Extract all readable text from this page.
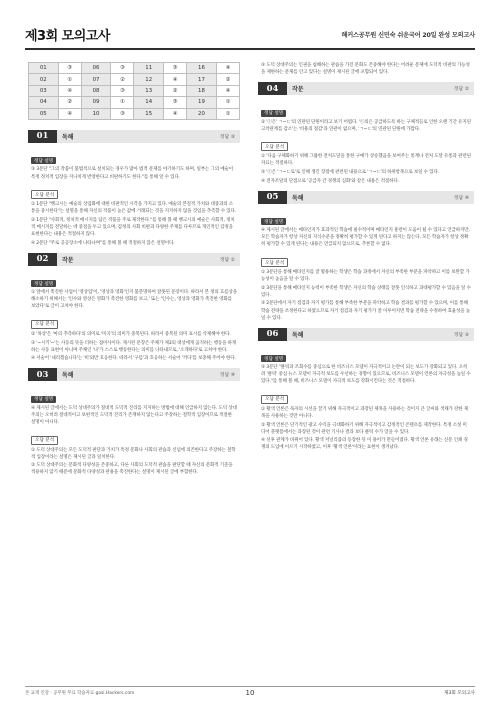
제3회 모의고사	해커스공무원 신민숙 쉬운국어 20일 완성 모의고사
01	③	06	③	11	③	16	④
02	①	07	②	12	④	17	②
03	④	08	③	13	②	18	④
04	②	09	①	14	③	19	①
05	④	10	③	15	④	20	①
01	독해	정답 ③
정답 설명
③ 3문단 "그의 작품이 불법적으로 설치되는 경우가 많아 법적 문제를 야기하기도 하며, 일부는 그의 예술이 특정 정치적 입장을 지나치게 반영한다고 비판하기도 한다."를 통해 알 수 있다.
오답 분석
① 1문단 "뱅크시는 예술의 상업화에 대한 비판적인 시각을 가지고 있다. 예술의 본질적 가치와 대중과의 소통을 중시한다"는 설명을 통해 자신의 작품이 높은 값에 거래되는 것을 지지하지 않을 것임을 추측할 수 있다.
② 1문단 "사회적, 정치적 메시지를 담은 작품을 주로 제작한다."를 통해 볼 때 뱅크시의 예술은 사회적, 정치적 메시지를 전달하는 데 중점을 두고 있으며, 감정의 사회 비판과 다양한 주제를 다루므로 개인적인 감정을 표현한다는 내용은 적절하지 않다.
④ 2문단 "주로 공공장소에 나타나며"를 통해 볼 때 적절하지 않은 설명이다.
02	작문	정답 ①
정답 설명
① 앞에서 촉진한 사업이 '영상업'이, '영상과 영화'인지 불분명하여 잘못된 문장이다. 따라서 본 정의 흐름상을 해소하기 위해서는 '인수와 영상은 영화가 촉진한 영화를 보고,' 또는 '인수는, 영상과 영화가 촉진한 영화를 보았다'로 글이 고쳐야 한다.
오답 분석
② '목상'은 '마의 추측하다'의 의미로 '미곡'의 의미가 중복된다. 따라서 중복된 의미 표시를 삭제해야 한다.
③ '~시키'~'는 사동의 뜻을 더하는 접미사이다. 제시된 문장은 주체가 제3의 대상에게 움직하는 행동을 하게 하는 사동 표현이 아니며 주체인 '나'가 스스로 행동한다는 의미를 나타내므로, '소개하다'로 고쳐야 한다.
④ 서술어 '내리겠습니다'는 '비'와만 호응한다. 따라서 '구름'과 호응하는 서술어 '끼다'를 보충해 주어야 한다.
03	독해	정답 ④
정답 설명
④ 제시된 글에서는 도덕 상대주의가 절대적 도덕적 진리를 지지하는 방법에 대해 언급하지 않는다. 도덕 상대주의는 오히려 절대적이고 보편적인 도덕적 진리가 존재하지 않는다고 주장하는 철학적 입장이므로 적절한 설명이 아니다.
오답 분석
① 도덕 상대주의는 모든 도덕적 판단과 가치가 특정 문화나 사회의 관습과 신념에 의존한다고 주장하는 철학적 입장이라는 설명은 제시된 글과 일치한다.
② 도덕 상대주의는 문화적 다양성을 존중하고, 다른 사회의 도덕적 관습을 판단할 때 자신의 문화적 기준을 적용하지 않기 때문에 문화적 다양성과 관용을 촉진한다는 설명이 제시된 글에 부합한다.
③ 도덕 상대주의는 인권을 침해하는 관습을 가진 문화도 존중해야 한다는 어려운 문제에 도덕적 비판의 가능성을 제한하는 문제를 안고 있다는 설명이 제시된 글에 포함되어 있다.
04	작문	정답 ②
정답 설명
② 'ⓒ은' ㄱ~ㄷ'의 연관된 단원이라고 보기 어렵다. 'ⓒ의은 공급하도록 하는 구체적들로 인한 오랜 기간 유지된 고착관계를 감소'는 '비용의 절감'과 연관이 없으며, 'ㄱ~ㄷ'의 연관된 단원에 가깝다.
오답 분석
① '다음 구체화하기 위해 그룹한 전처도달을 통한 구매가 상승했음을 보여주는 통계나 전처 도달 유통과 관련된 자료는 적절하다.
③ 'ⓒ은 'ㄱ~ㄷ로'로 인해 생긴 장점에 관련된 내용으로 'ㄱ~ㄷ'의 하위항목으로 보일 수 있다.
④ 전자조달의 단점으로 '공급자 간 경쟁의 심화'와 같은 내용은 적절하다.
05	독해	정답 ④
정답 설명
④ 제시된 글에서는 메타인지가 효과적인 학습에 필수적이며 메타인지 훈련이 도움이 될 수 있다고 언급하지만, 모든 학습자가 항상 자신의 지식수준을 정확히 평가할 수 있게 된다고 하지는 않는다. 모든 학습자가 항상 정확히 평가할 수 있게 된다는 내용은 언급되지 않으므로, 추론할 수 없다.
오답 분석
① 3문단을 통해 메타인지를 잘 활용하는 학생은 학습 과정에서 자신의 부족한 부분을 파악하고 이를 보완할 가능성이 높음을 알 수 있다.
② 3문단을 통해 메타인지 능력이 부족한 학생은 자신의 학습 상태를 잘못 인식하고 과대평가할 수 있음을 알 수 있다.
③ 2문단에서 자기 점검과 자기 평가를 통해 부족한 부분을 파악하고 학습 결과를 평가할 수 있으며, 이를 통해 학습 전략을 조정한다고 하였으므로 자기 점검과 자기 평가가 잘 이루어지면 학습 전략을 수정하여 효율성을 높일 수 있다.
06	독해	정답 ③
정답 설명
③ 3문단 "클릭과 조회수를 중심으로 한 비즈니스 모델이 자극적이고 논란이 되는 보도가 강화되고 있다. 오히려 '클릭' 중심 뉴스 모델이 자극적 보도를 우선하는 경향이 있으므로, 비즈니스 모델이 언론의 자극성을 높일 수 있다."를 통해 볼 때, 비즈니스 모델이 자극적 보도를 강화시킨다는 것은 적절하다.
오답 분석
① 황색 언론은 독자의 시선을 끌기 위해 자극적이고 과장된 제목을 사용하는 것이지 큰 글씨와 색채가 강한 제목을 사용하는 것만 아니다.
② 황색 언론은 단기적인 광고 수익을 극대화하기 위해 자극적이고 감정적인 콘텐츠를 제작한다. 특정 소셜 미디어 플랫폼에서는 과장된 것이 관련 기사나 결과 보다 클릭 수가 얻을 수 있다.
④ 선후 관계가 바뀌어 있다. 황색 저널리즘의 등장한 뒤 이 용어가 만들어졌다. 황색 언론 유래는 신문 인쇄 경쟁의 도입에 이르기 시작하였고, 이후 '황색 언론'이라는 표현이 생겨났다.
본 교재 인강 · 공무원 무료 학습자료 gosi.Hackers.com	10	제3회 모의고사
